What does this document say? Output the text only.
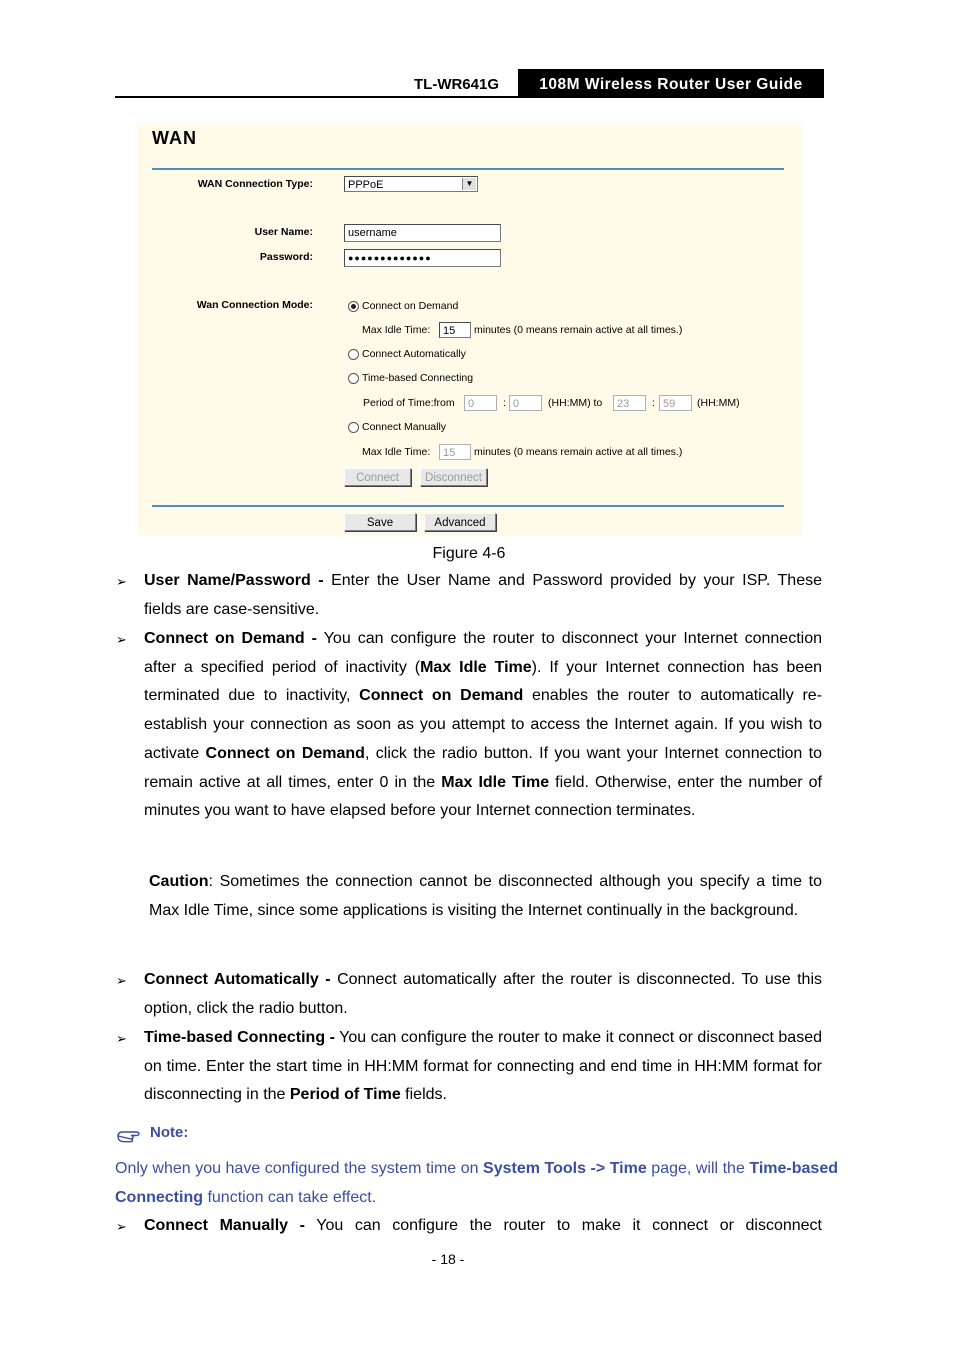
TL-WR641G	108M Wireless Router User Guide
WAN
WAN Connection Type:	PPPoE	▼
User Name:	username
Password:	●●●●●●●●●●●●●
Wan Connection Mode:	Connect on Demand
Max Idle Time:	15	minutes (0 means remain active at all times.)
Connect Automatically
Time-based Connecting
Period of Time:from	0	: 0	(HH:MM) to	23	: 59	(HH:MM)
Connect Manually
Max Idle Time:	15	minutes (0 means remain active at all times.)
Connect	Disconnect
Save	Advanced
Figure 4-6
➢ User Name/Password - Enter the User Name and Password provided by your ISP. These fields are case-sensitive.
➢ Connect on Demand - You can configure the router to disconnect your Internet connection after a specified period of inactivity (Max Idle Time). If your Internet connection has been terminated due to inactivity, Connect on Demand enables the router to automatically re-establish your connection as soon as you attempt to access the Internet again. If you wish to activate Connect on Demand, click the radio button. If you want your Internet connection to remain active at all times, enter 0 in the Max Idle Time field. Otherwise, enter the number of minutes you want to have elapsed before your Internet connection terminates.
Caution: Sometimes the connection cannot be disconnected although you specify a time to Max Idle Time, since some applications is visiting the Internet continually in the background.
➢ Connect Automatically - Connect automatically after the router is disconnected. To use this option, click the radio button.
➢ Time-based Connecting - You can configure the router to make it connect or disconnect based on time. Enter the start time in HH:MM format for connecting and end time in HH:MM format for disconnecting in the Period of Time fields.
Note:
Only when you have configured the system time on System Tools -> Time page, will the Time-based Connecting function can take effect.
➢ Connect Manually - You can configure the router to make it connect or disconnect
- 18 -
